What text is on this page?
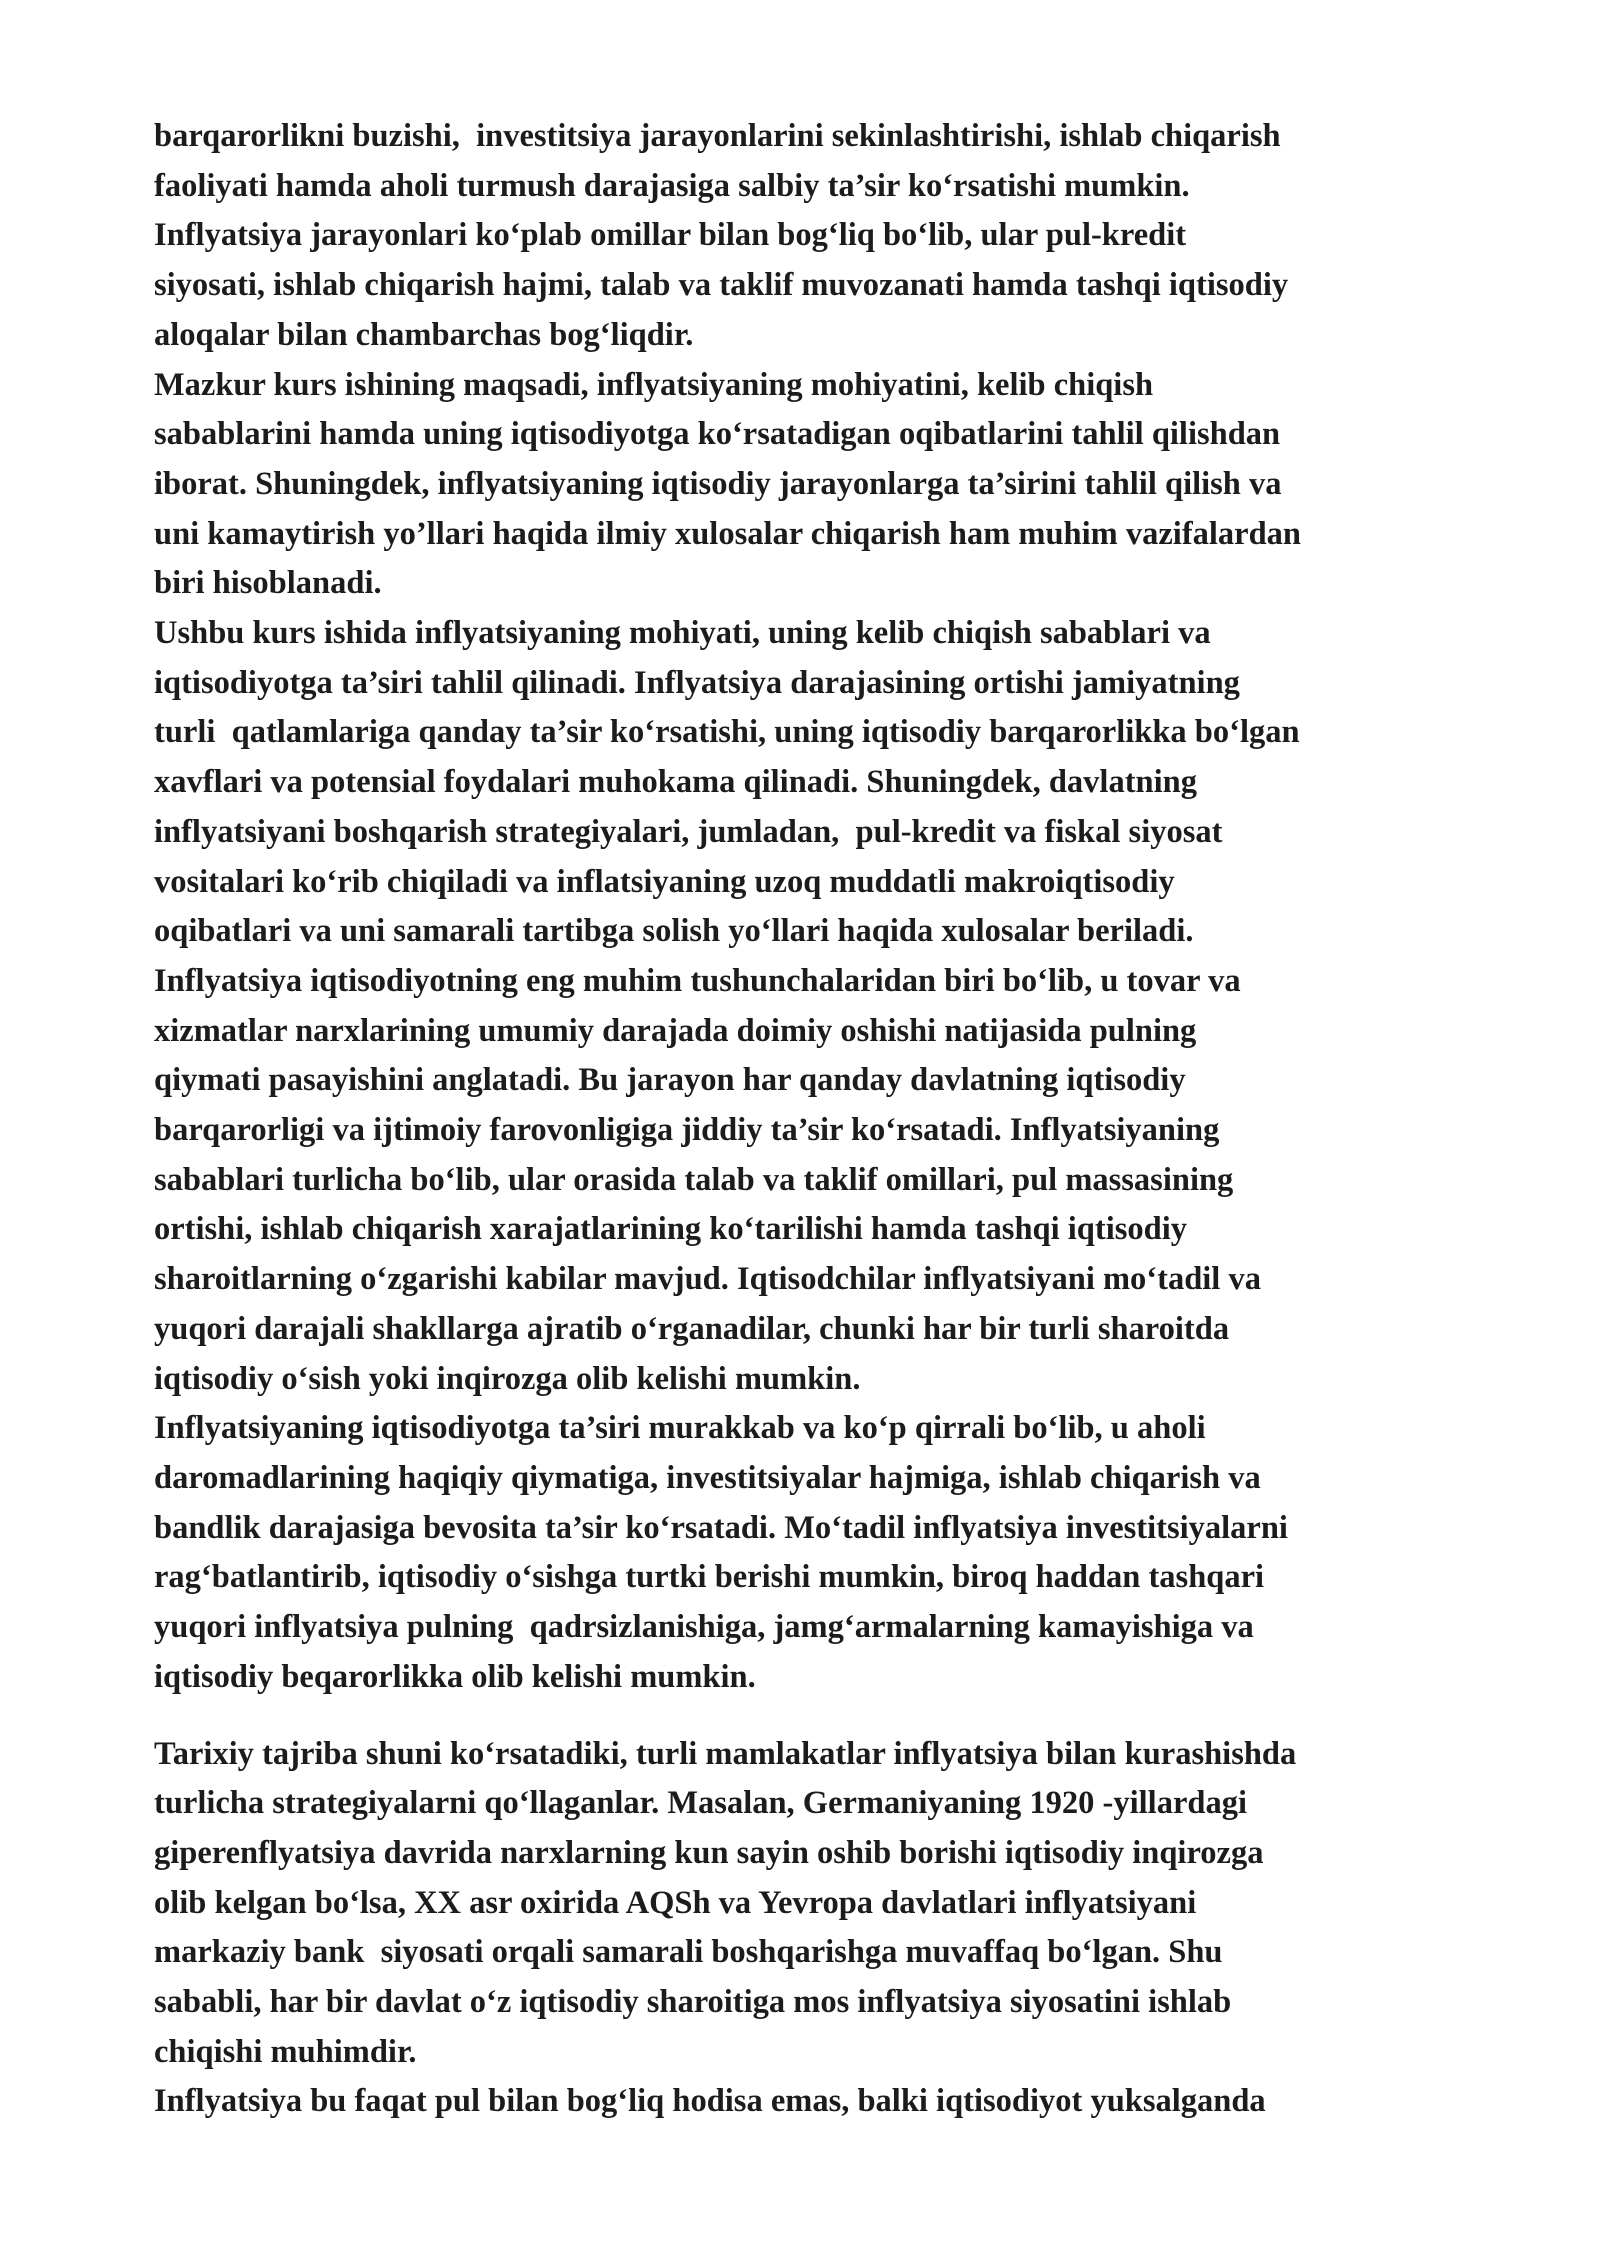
barqarorlikni buzishi,  investitsiya jarayonlarini sekinlashtirishi, ishlab chiqarish
faoliyati hamda aholi turmush darajasiga salbiy ta’sir koʻrsatishi mumkin.

Inflyatsiya jarayonlari koʻplab omillar bilan bogʻliq boʻlib, ular pul-kredit
siyosati, ishlab chiqarish hajmi, talab va taklif muvozanati hamda tashqi iqtisodiy
aloqalar bilan chambarchas bogʻliqdir.

Mazkur kurs ishining maqsadi, inflyatsiyaning mohiyatini, kelib chiqish
sabablarini hamda uning iqtisodiyotga koʻrsatadigan oqibatlarini tahlil qilishdan
iborat. Shuningdek, inflyatsiyaning iqtisodiy jarayonlarga ta’sirini tahlil qilish va
uni kamaytirish yo’llari haqida ilmiy xulosalar chiqarish ham muhim vazifalardan
biri hisoblanadi.

Ushbu kurs ishida inflyatsiyaning mohiyati, uning kelib chiqish sabablari va
iqtisodiyotga ta’siri tahlil qilinadi. Inflyatsiya darajasining ortishi jamiyatning
turli  qatlamlariga qanday ta’sir koʻrsatishi, uning iqtisodiy barqarorlikka boʻlgan
xavflari va potensial foydalari muhokama qilinadi. Shuningdek, davlatning
inflyatsiyani boshqarish strategiyalari, jumladan,  pul-kredit va fiskal siyosat
vositalari koʻrib chiqiladi va inflatsiyaning uzoq muddatli makroiqtisodiy
oqibatlari va uni samarali tartibga solish yoʻllari haqida xulosalar beriladi.

Inflyatsiya iqtisodiyotning eng muhim tushunchalaridan biri boʻlib, u tovar va
xizmatlar narxlarining umumiy darajada doimiy oshishi natijasida pulning
qiymati pasayishini anglatadi. Bu jarayon har qanday davlatning iqtisodiy
barqarorligi va ijtimoiy farovonligiga jiddiy ta’sir koʻrsatadi. Inflyatsiyaning
sabablari turlicha boʻlib, ular orasida talab va taklif omillari, pul massasining
ortishi, ishlab chiqarish xarajatlarining koʻtarilishi hamda tashqi iqtisodiy
sharoitlarning oʻzgarishi kabilar mavjud. Iqtisodchilar inflyatsiyani moʻtadil va
yuqori darajali shakllarga ajratib oʻrganadilar, chunki har bir turli sharoitda
iqtisodiy oʻsish yoki inqirozga olib kelishi mumkin.

Inflyatsiyaning iqtisodiyotga ta’siri murakkab va koʻp qirrali boʻlib, u aholi
daromadlarining haqiqiy qiymatiga, investitsiyalar hajmiga, ishlab chiqarish va
bandlik darajasiga bevosita ta’sir koʻrsatadi. Moʻtadil inflyatsiya investitsiyalarni
ragʻbatlantirib, iqtisodiy oʻsishga turtki berishi mumkin, biroq haddan tashqari
yuqori inflyatsiya pulning  qadrsizlanishiga, jamgʻarmalarning kamayishiga va
iqtisodiy beqarorlikka olib kelishi mumkin.

Tarixiy tajriba shuni koʻrsatadiki, turli mamlakatlar inflyatsiya bilan kurashishda
turlicha strategiyalarni qoʻllaganlar. Masalan, Germaniyaning 1920 -yillardagi
giperenflyatsiya davrida narxlarning kun sayin oshib borishi iqtisodiy inqirozga
olib kelgan boʻlsa, XX asr oxirida AQSh va Yevropa davlatlari inflyatsiyani
markaziy bank  siyosati orqali samarali boshqarishga muvaffaq boʻlgan. Shu
sababli, har bir davlat oʻz iqtisodiy sharoitiga mos inflyatsiya siyosatini ishlab
chiqishi muhimdir.

Inflyatsiya bu faqat pul bilan bogʻliq hodisa emas, balki iqtisodiyot yuksalganda
